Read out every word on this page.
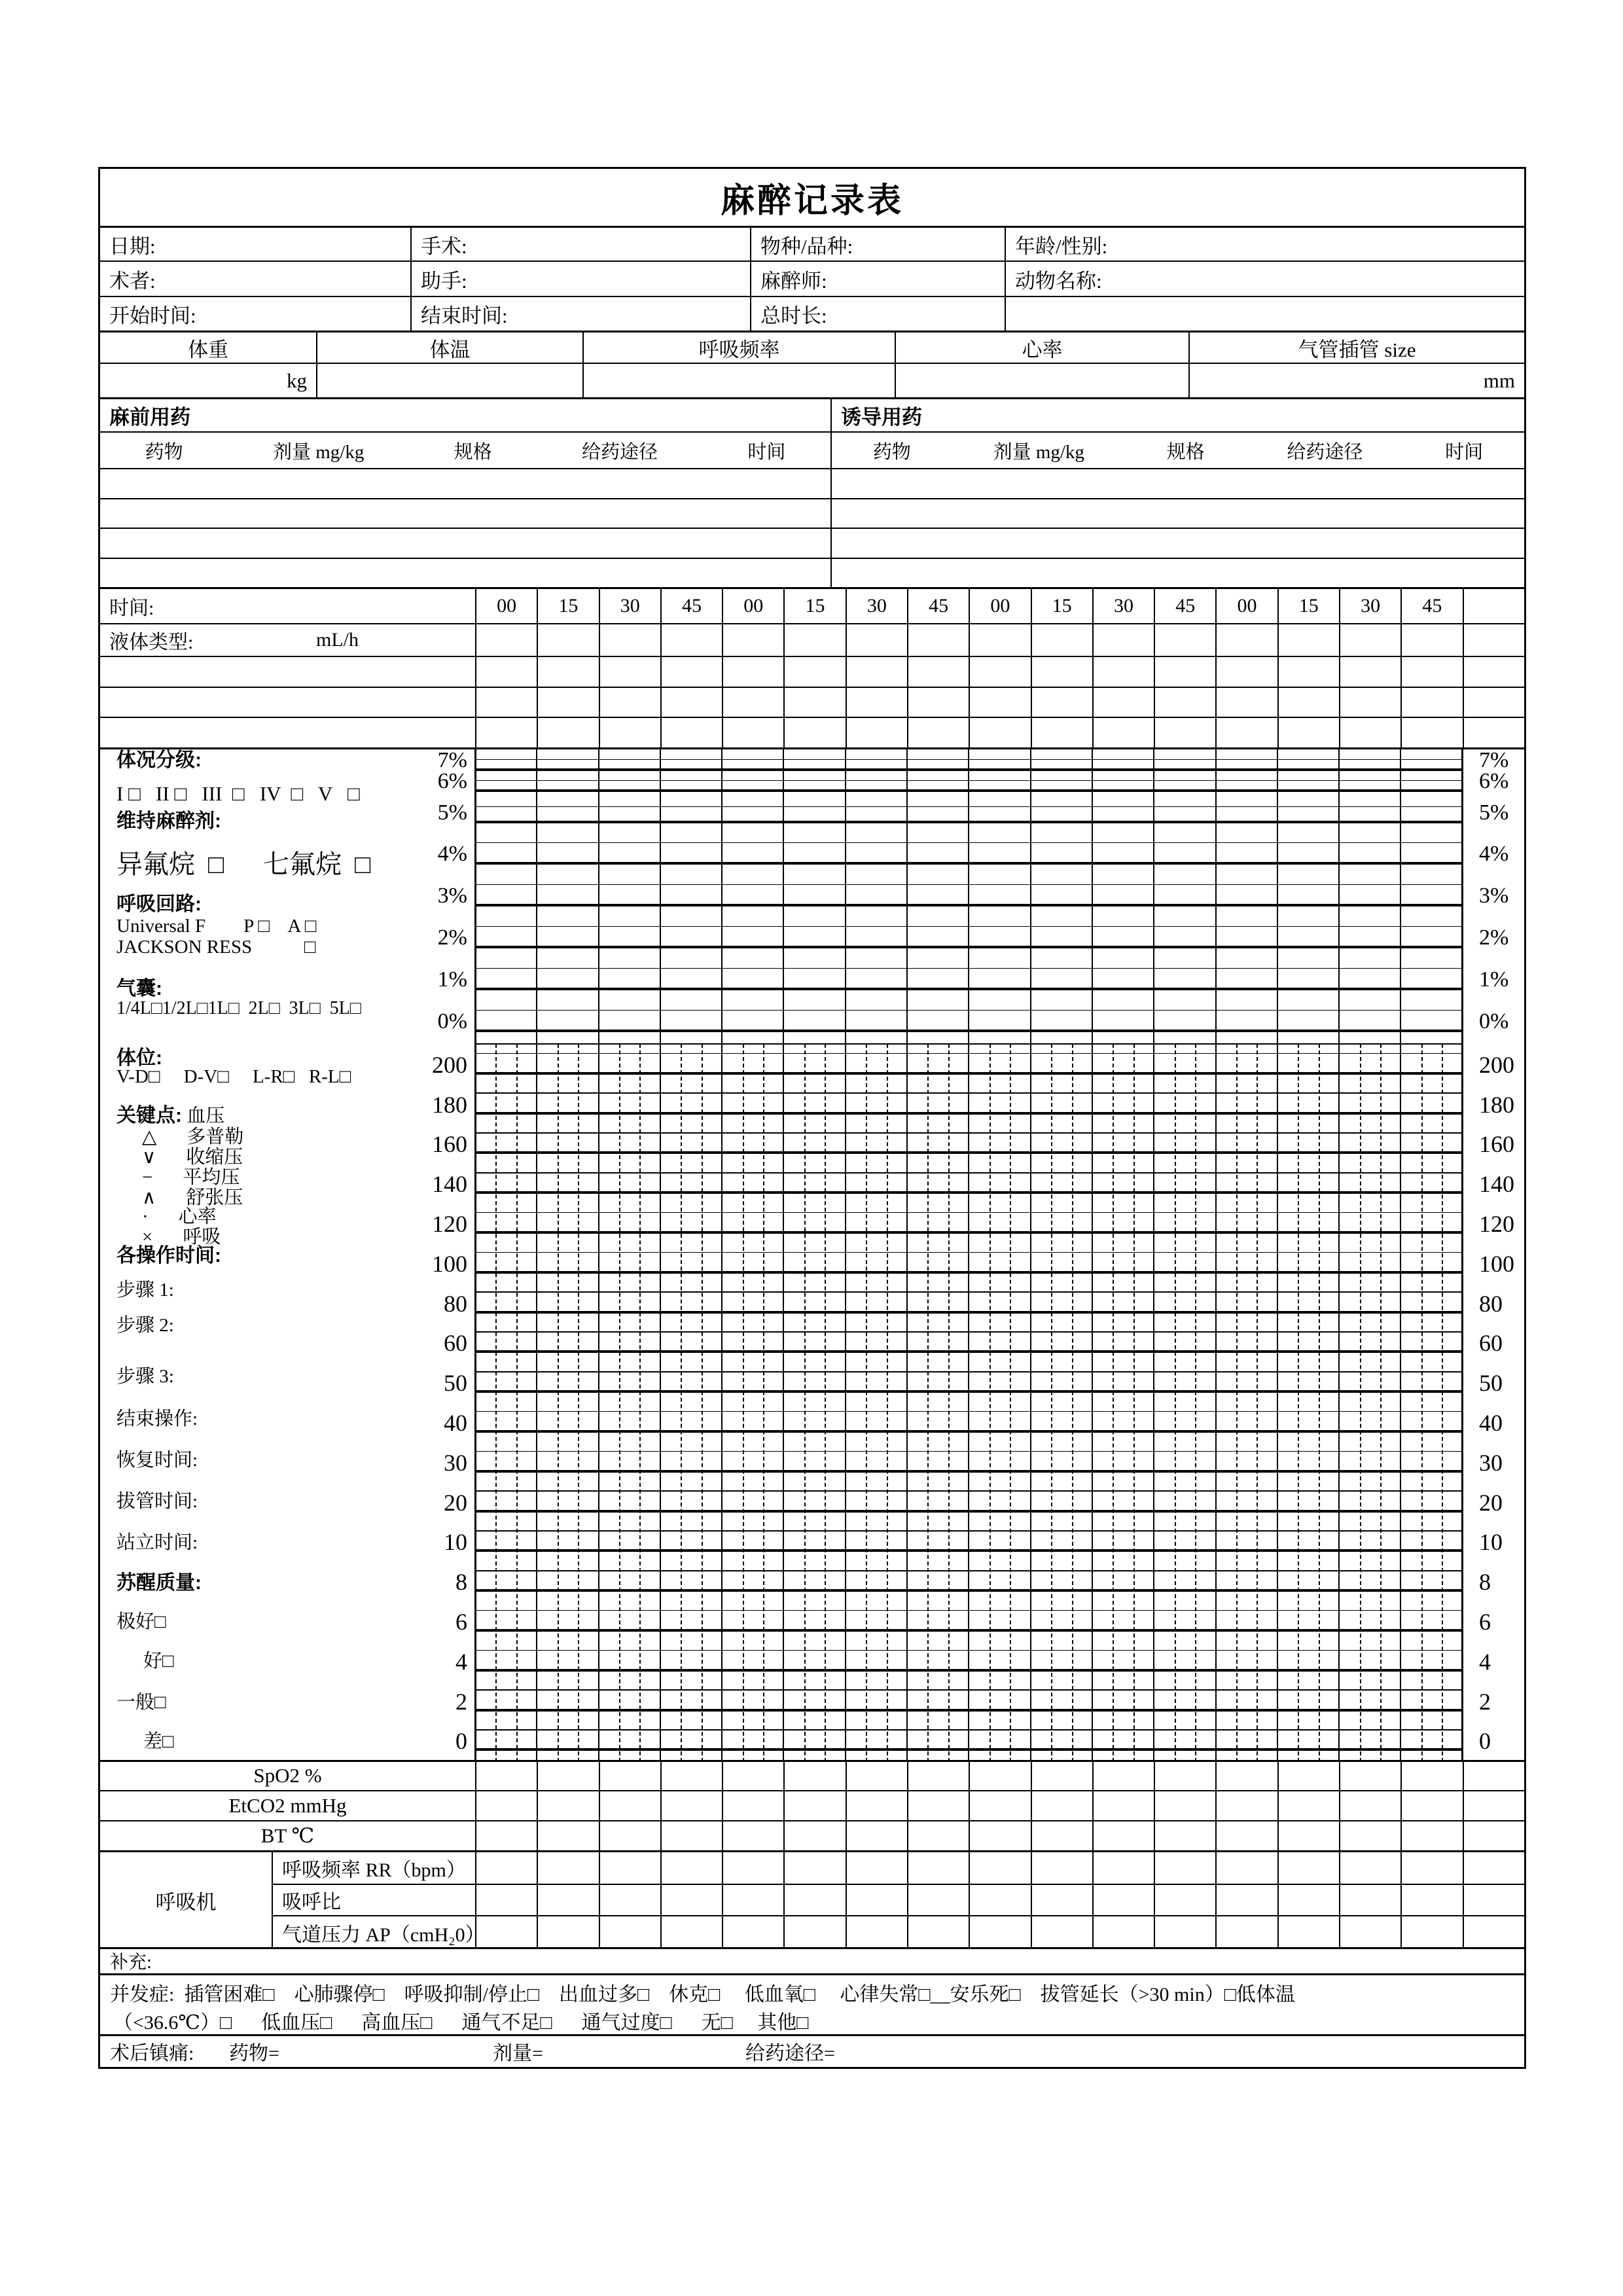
麻醉记录表
日期:	手术:	物种/品种:	年龄/性别:
术者:	助手:	麻醉师:	动物名称:
开始时间:	结束时间:	总时长:
体重	体温	呼吸频率	心率	气管插管 size
kg	mm
麻前用药	诱导用药
药物	剂量 mg/kg	规格	给药途径	时间	药物	剂量 mg/kg	规格	给药途径	时间
时间:	00	15	30	45	00	15	30	45	00	15	30	45	00	15	30	45
液体类型:	mL/h
体况分级:
I □   II □   III  □   IV  □   V   □
维持麻醉剂:
异氟烷  □      七氟烷  □
呼吸回路:
Universal F        P □    A □
JACKSON RESS           □
气囊:
1/4L□1/2L□1L□  2L□  3L□  5L□
体位:
V-D□     D-V□     L-R□   R-L□
关键点: 血压
△ 多普勒
∨ 收缩压
− 平均压
∧ 舒张压
· 心率
× 呼吸
各操作时间:
步骤 1:
步骤 2:
步骤 3:
结束操作:
恢复时间:
拔管时间:
站立时间:
苏醒质量:
极好□
好□
一般□
差□
7%	7%
6%	6%
5%	5%
4%	4%
3%	3%
2%	2%
1%	1%
0%	0%
200	200
180	180
160	160
140	140
120	120
100	100
80	80
60	60
50	50
40	40
30	30
20	20
10	10
8	8
6	6
4	4
2	2
0	0
SpO2 %
EtCO2 mmHg
BT ℃
呼吸机
呼吸频率 RR（bpm）
吸呼比
气道压力 AP（cmH₂0）
补充:
并发症:  插管困难□    心肺骤停□    呼吸抑制/停止□    出血过多□    休克□     低血氧□     心律失常□__安乐死□    拔管延长（>30 min）□低体温
（<36.6℃）□      低血压□      高血压□      通气不足□      通气过度□      无□     其他□
术后镇痛: 药物=	剂量=	给药途径=
